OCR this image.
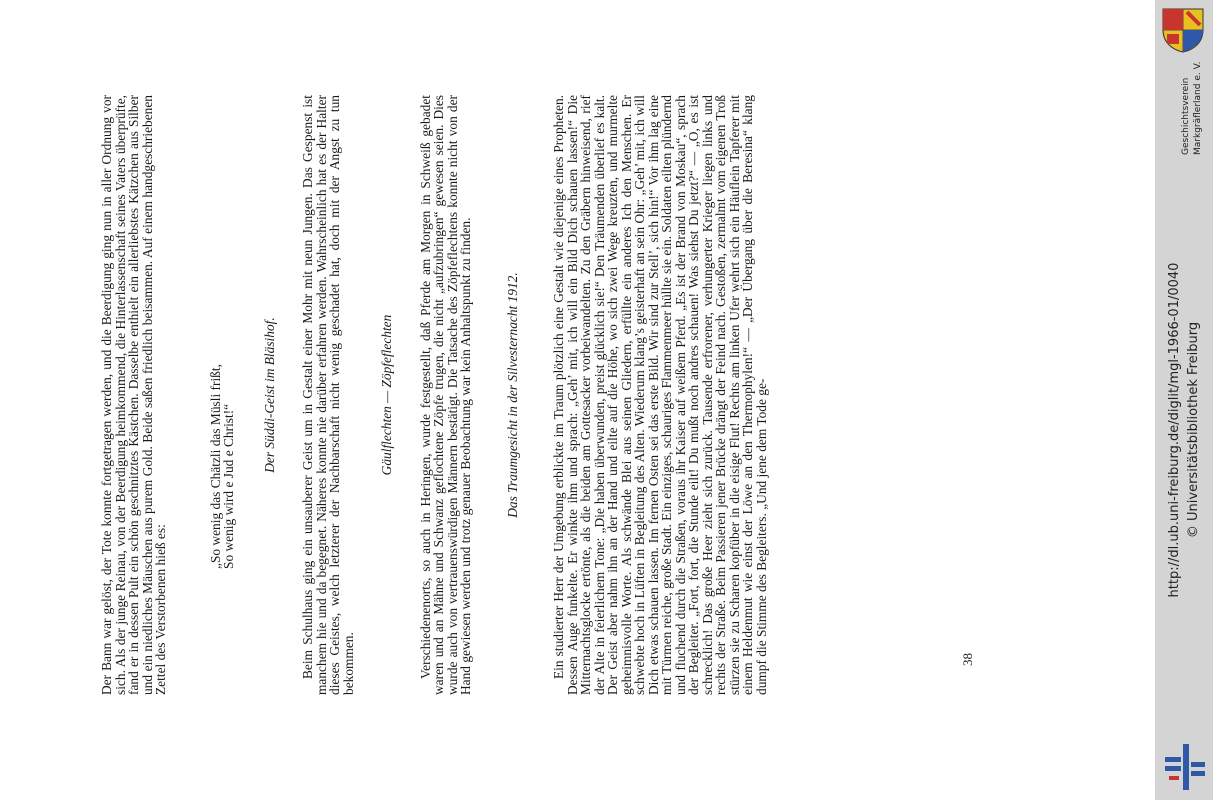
Der Bann war gelöst, der Tote konnte fortgetragen werden, und die Beerdigung ging nun in aller Ordnung vor sich. Als der junge Reinau, von der Beerdigung heimkommend, die Hinterlassenschaft seines Vaters überprüfte, fand er in dessen Pult ein schön geschnitztes Kästchen. Dasselbe enthielt ein allerliebstes Kätzchen aus Silber und ein niedliches Mäuschen aus purem Gold. Beide saßen friedlich beisammen. Auf einem handgeschriebenen Zettel des Verstorbenen hieß es:

„So wenig das Chätzli das Müsli frißt,

So wenig wird e Jud e Christ!“

Der Süddi-Geist im Bläsihof. Beim Schulhaus ging ein unsauberer Geist um in Gestalt einer Mohr mit neun Jungen. Das Gespenst ist manchem hie und da begegnet. Näheres konnte nie darüber erfahren werden. Wahrscheinlich hat es der Halter dieses Geistes, welch letzterer der Nachbarschaft nicht wenig geschadet hat, doch mit der Angst zu tun bekommen.

Gäulflechten — Zöpfeflechten Verschiedenenorts, so auch in Heringen, wurde festgestellt, daß Pferde am Morgen in Schweiß gebadet waren und an Mähne und Schwanz geflochtene Zöpfe trugen, die nicht „aufzubringen“ gewesen seien. Dies wurde auch von vertrauenswürdigen Männern bestätigt. Die Tatsache des Zöpfeflechtens konnte nicht von der Hand gewiesen werden und trotz genauer Beobachtung war kein Anhaltspunkt zu finden. Das Traumgesicht in der Silvesternacht 1912. Ein studierter Herr der Umgebung erblickte im Traum plötzlich eine Gestalt wie diejenige eines Propheten. Dessen Auge funkelte. Er winkte ihm und sprach: „Geh’ mit, ich will ein Bild Dich schauen lassen!“ Die Mitternachtsglocke ertönte, als die beiden am Gottesacker vorbeiwandelten. Zu den Gräbern hinweisend, rief der Alte in feierlichem Tone: „Die haben überwunden, preist glücklich sie!“ Den Träumenden überlief es kalt. Der Geist aber nahm ihn an der Hand und eilte auf die Höhe, wo sich zwei Wege kreuzten, und murmelte geheimnisvolle Worte. Als schwände Blei aus seinen Gliedern, erfüllte ein anderes Ich den Menschen. Er schwebte hoch in Lüften in Begleitung des Alten. Wiederum klang’s geisterhaft an sein Ohr: „Geh’ mit, ich will Dich etwas schauen lassen. Im fernen Osten sei das erste Bild. Wir sind zur Stell’, sich hin!“ Vor ihm lag eine mit Türmen reiche, große Stadt. Ein einziges, schauriges Flammenmeer hüllte sie ein. Soldaten eilten plündernd und fluchend durch die Straßen, voraus ihr Kaiser auf weißem Pferd. „Es ist der Brand von Moskau“, sprach der Begleiter. „Fort, fort, die Stunde eilt! Du mußt noch andres schauen! Was siehst Du jetzt?“ — „O, es ist schrecklich! Das große Heer zieht sich zurück. Tausende erfrorener, verhungerter Krieger liegen links und rechts der Straße. Beim Passieren jener Brücke drängt der Feind nach. Gestoßen, zermalmt vom eigenen Troß stürzen sie zu Scharen kopfüber in die eisige Flut! Rechts am linken Ufer wehrt sich ein Häuflein Tapferer mit einem Heldenmut wie einst der Löwe an den Thermophylen!“ — „Der Übergang über die Beresina“ klang dumpf die Stimme des Begleiters. „Und jene dem Tode ge-	38
http://dl.ub.uni-freiburg.de/diglit/mgl-1966-01/0040 © Universitätsbibliothek Freiburg
Geschichtsverein Markgräflerland e. V.
